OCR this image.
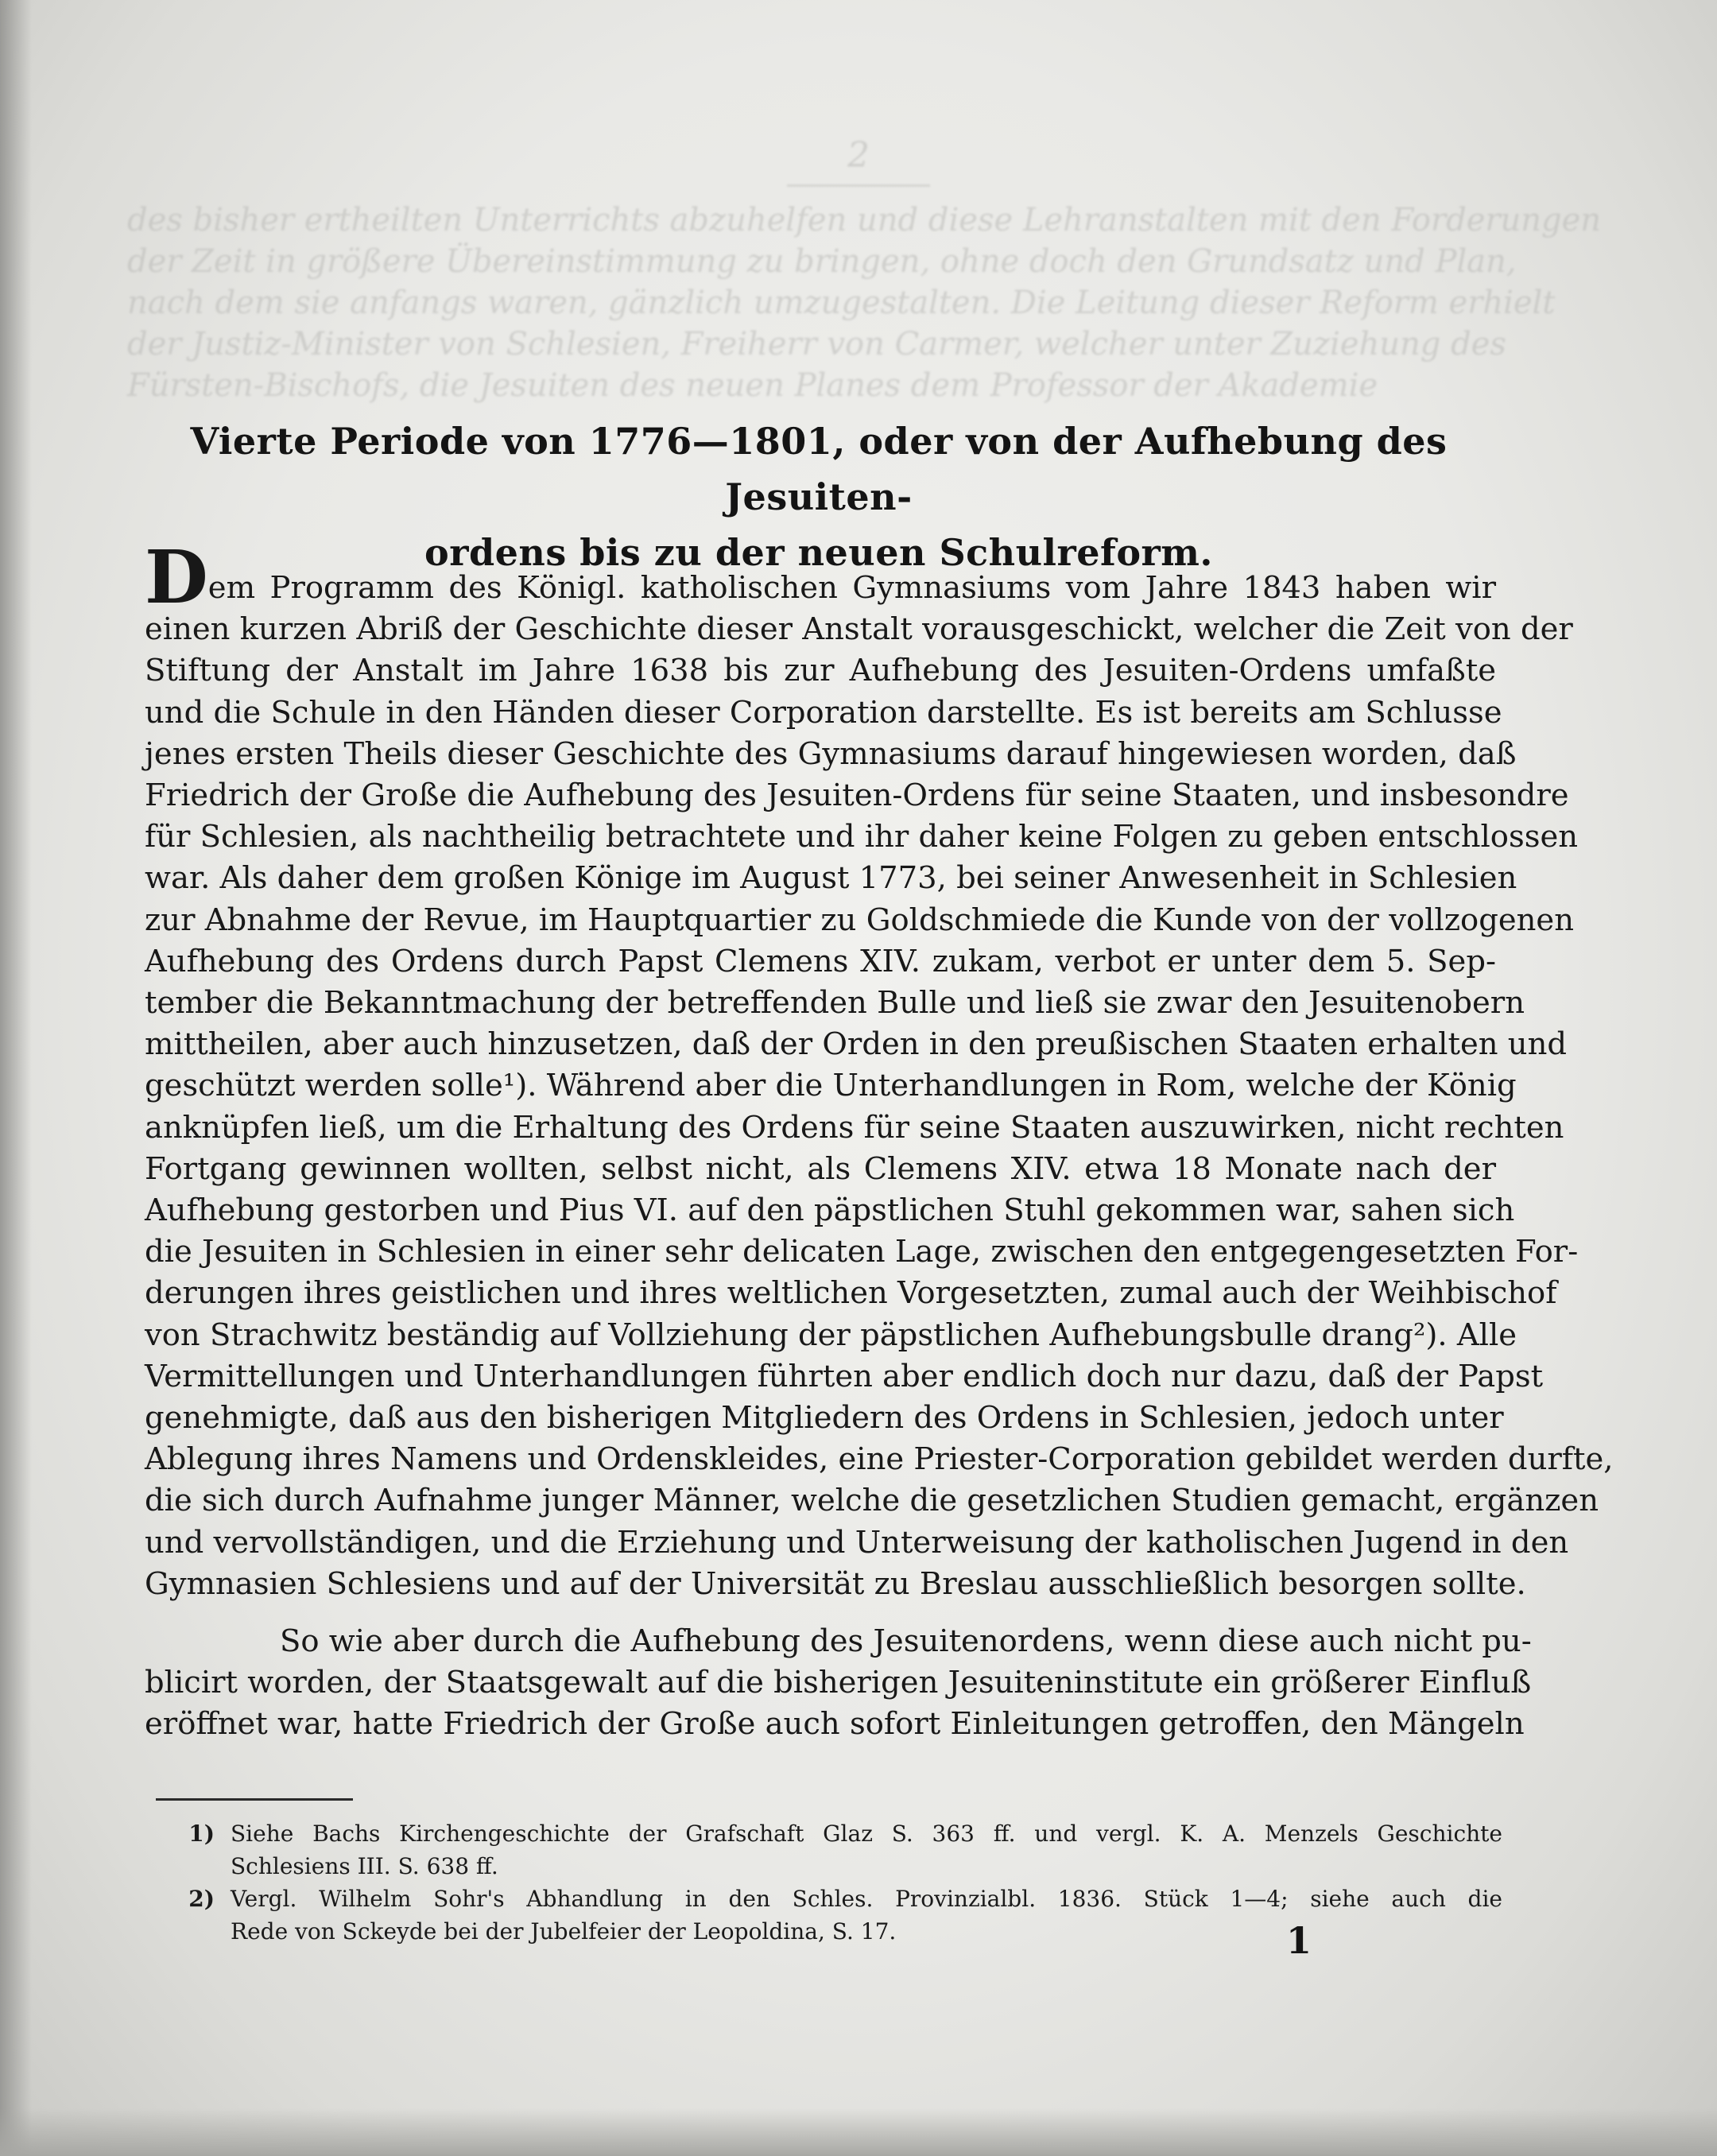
2
des bisher ertheilten Unterrichts abzuhelfen und diese Lehranstalten mit den Forderungen der Zeit in größere Übereinstimmung zu bringen, ohne doch den Grundsatz und Plan, nach dem sie anfangs waren, gänzlich umzugestalten. Die Leitung dieser Reform erhielt der Justiz-Minister von Schlesien, Freiherr von Carmer, welcher unter Zuziehung des Fürsten-Bischofs, die Jesuiten des neuen Planes dem Professor der Akademie
Vierte Periode von 1776—1801, oder von der Aufhebung des Jesuiten-
ordens bis zu der neuen Schulreform.
Dem Programm des Königl. katholischen Gymnasiums vom Jahre 1843 haben wir
einen kurzen Abriß der Geschichte dieser Anstalt vorausgeschickt, welcher die Zeit von der
Stiftung der Anstalt im Jahre 1638 bis zur Aufhebung des Jesuiten-Ordens umfaßte
und die Schule in den Händen dieser Corporation darstellte. Es ist bereits am Schlusse
jenes ersten Theils dieser Geschichte des Gymnasiums darauf hingewiesen worden, daß
Friedrich der Große die Aufhebung des Jesuiten-Ordens für seine Staaten, und insbesondre
für Schlesien, als nachtheilig betrachtete und ihr daher keine Folgen zu geben entschlossen
war. Als daher dem großen Könige im August 1773, bei seiner Anwesenheit in Schlesien
zur Abnahme der Revue, im Hauptquartier zu Goldschmiede die Kunde von der vollzogenen
Aufhebung des Ordens durch Papst Clemens XIV. zukam, verbot er unter dem 5. Sep-
tember die Bekanntmachung der betreffenden Bulle und ließ sie zwar den Jesuitenobern
mittheilen, aber auch hinzusetzen, daß der Orden in den preußischen Staaten erhalten und
geschützt werden solle¹). Während aber die Unterhandlungen in Rom, welche der König
anknüpfen ließ, um die Erhaltung des Ordens für seine Staaten auszuwirken, nicht rechten
Fortgang gewinnen wollten, selbst nicht, als Clemens XIV. etwa 18 Monate nach der
Aufhebung gestorben und Pius VI. auf den päpstlichen Stuhl gekommen war, sahen sich
die Jesuiten in Schlesien in einer sehr delicaten Lage, zwischen den entgegengesetzten For-
derungen ihres geistlichen und ihres weltlichen Vorgesetzten, zumal auch der Weihbischof
von Strachwitz beständig auf Vollziehung der päpstlichen Aufhebungsbulle drang²). Alle
Vermittellungen und Unterhandlungen führten aber endlich doch nur dazu, daß der Papst
genehmigte, daß aus den bisherigen Mitgliedern des Ordens in Schlesien, jedoch unter
Ablegung ihres Namens und Ordenskleides, eine Priester-Corporation gebildet werden durfte,
die sich durch Aufnahme junger Männer, welche die gesetzlichen Studien gemacht, ergänzen
und vervollständigen, und die Erziehung und Unterweisung der katholischen Jugend in den
Gymnasien Schlesiens und auf der Universität zu Breslau ausschließlich besorgen sollte.
So wie aber durch die Aufhebung des Jesuitenordens, wenn diese auch nicht pu-
blicirt worden, der Staatsgewalt auf die bisherigen Jesuiteninstitute ein größerer Einfluß
eröffnet war, hatte Friedrich der Große auch sofort Einleitungen getroffen, den Mängeln
1) Siehe Bachs Kirchengeschichte der Grafschaft Glaz S. 363 ff. und vergl. K. A. Menzels Geschichte
Schlesiens III. S. 638 ff.
2) Vergl. Wilhelm Sohr's Abhandlung in den Schles. Provinzialbl. 1836. Stück 1—4; siehe auch die
Rede von Sckeyde bei der Jubelfeier der Leopoldina, S. 17.	1
